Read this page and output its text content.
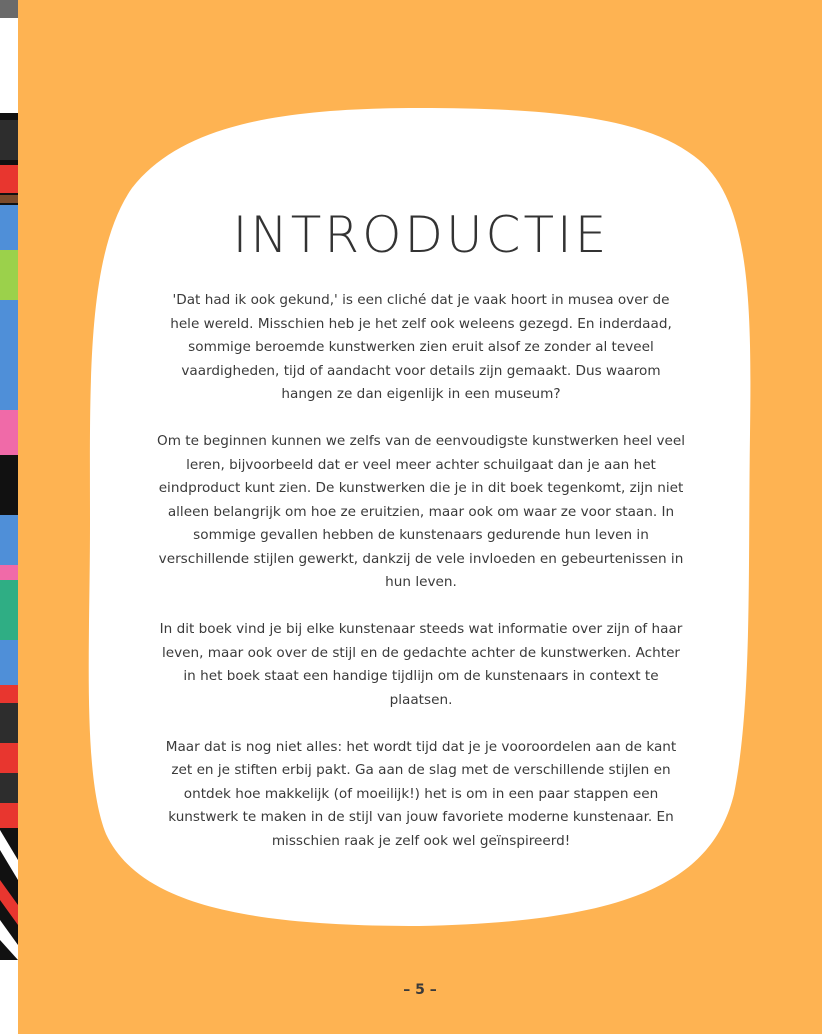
INTRODUCTIE

'Dat had ik ook gekund,' is een cliché dat je vaak hoort in musea over de hele wereld. Misschien heb je het zelf ook weleens gezegd. En inderdaad, sommige beroemde kunstwerken zien eruit alsof ze zonder al teveel vaardigheden, tijd of aandacht voor details zijn gemaakt. Dus waarom hangen ze dan eigenlijk in een museum?

Om te beginnen kunnen we zelfs van de eenvoudigste kunstwerken heel veel leren, bijvoorbeeld dat er veel meer achter schuilgaat dan je aan het eindproduct kunt zien. De kunstwerken die je in dit boek tegenkomt, zijn niet alleen belangrijk om hoe ze eruitzien, maar ook om waar ze voor staan. In sommige gevallen hebben de kunstenaars gedurende hun leven in verschillende stijlen gewerkt, dankzij de vele invloeden en gebeurtenissen in hun leven.

In dit boek vind je bij elke kunstenaar steeds wat informatie over zijn of haar leven, maar ook over de stijl en de gedachte achter de kunstwerken. Achter in het boek staat een handige tijdlijn om de kunstenaars in context te plaatsen.

Maar dat is nog niet alles: het wordt tijd dat je je vooroordelen aan de kant zet en je stiften erbij pakt. Ga aan de slag met de verschillende stijlen en ontdek hoe makkelijk (of moeilijk!) het is om in een paar stappen een kunstwerk te maken in de stijl van jouw favoriete moderne kunstenaar. En misschien raak je zelf ook wel geïnspireerd!

– 5 –
